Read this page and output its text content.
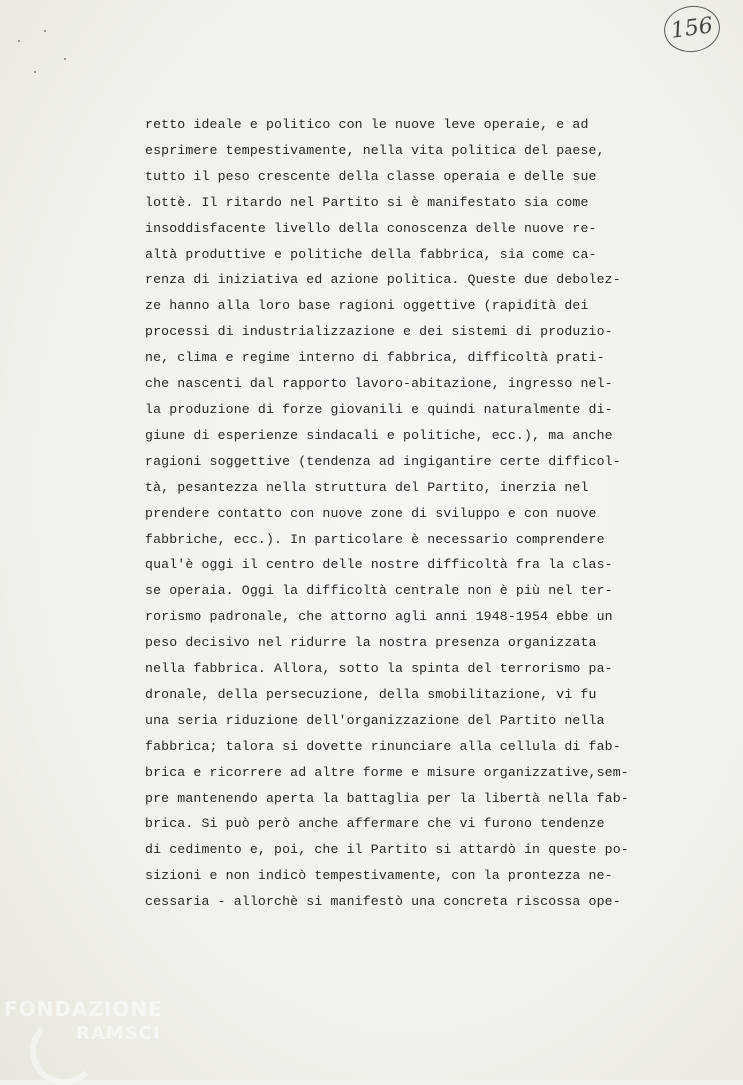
156
retto ideale e politico con le nuove leve operaie, e ad
esprimere tempestivamente, nella vita politica del paese,
tutto il peso crescente della classe operaia e delle sue
lottè. Il ritardo nel Partito si è manifestato sia come
insoddisfacente livello della conoscenza delle nuove re-
altà produttive e politiche della fabbrica, sia come ca-
renza di iniziativa ed azione politica. Queste due debolez-
ze hanno alla loro base ragioni oggettive (rapidità dei
processi di industrializzazione e dei sistemi di produzio-
ne, clima e regime interno di fabbrica, difficoltà prati-
che nascenti dal rapporto lavoro-abitazione, ingresso nel-
la produzione di forze giovanili e quindi naturalmente di-
giune di esperienze sindacali e politiche, ecc.), ma anche
ragioni soggettive (tendenza ad ingigantire certe difficol-
tà, pesantezza nella struttura del Partito, inerzia nel
prendere contatto con nuove zone di sviluppo e con nuove
fabbriche, ecc.). In particolare è necessario comprendere
qual'è oggi il centro delle nostre difficoltà fra la clas-
se operaia. Oggi la difficoltà centrale non è più nel ter-
rorismo padronale, che attorno agli anni 1948-1954 ebbe un
peso decisivo nel ridurre la nostra presenza organizzata
nella fabbrica. Allora, sotto la spinta del terrorismo pa-
dronale, della persecuzione, della smobilitazione, vi fu
una seria riduzione dell'organizzazione del Partito nella
fabbrica; talora si dovette rinunciare alla cellula di fab-
brica e ricorrere ad altre forme e misure organizzative,sem-
pre mantenendo aperta la battaglia per la libertà nella fab-
brica. Si può però anche affermare che vi furono tendenze
di cedimento e, poi, che il Partito si attardò in queste po-
sizioni e non indicò tempestivamente, con la prontezza ne-
cessaria - allorchè si manifestò una concreta riscossa ope-
FONDAZIONE
RAMSCI
